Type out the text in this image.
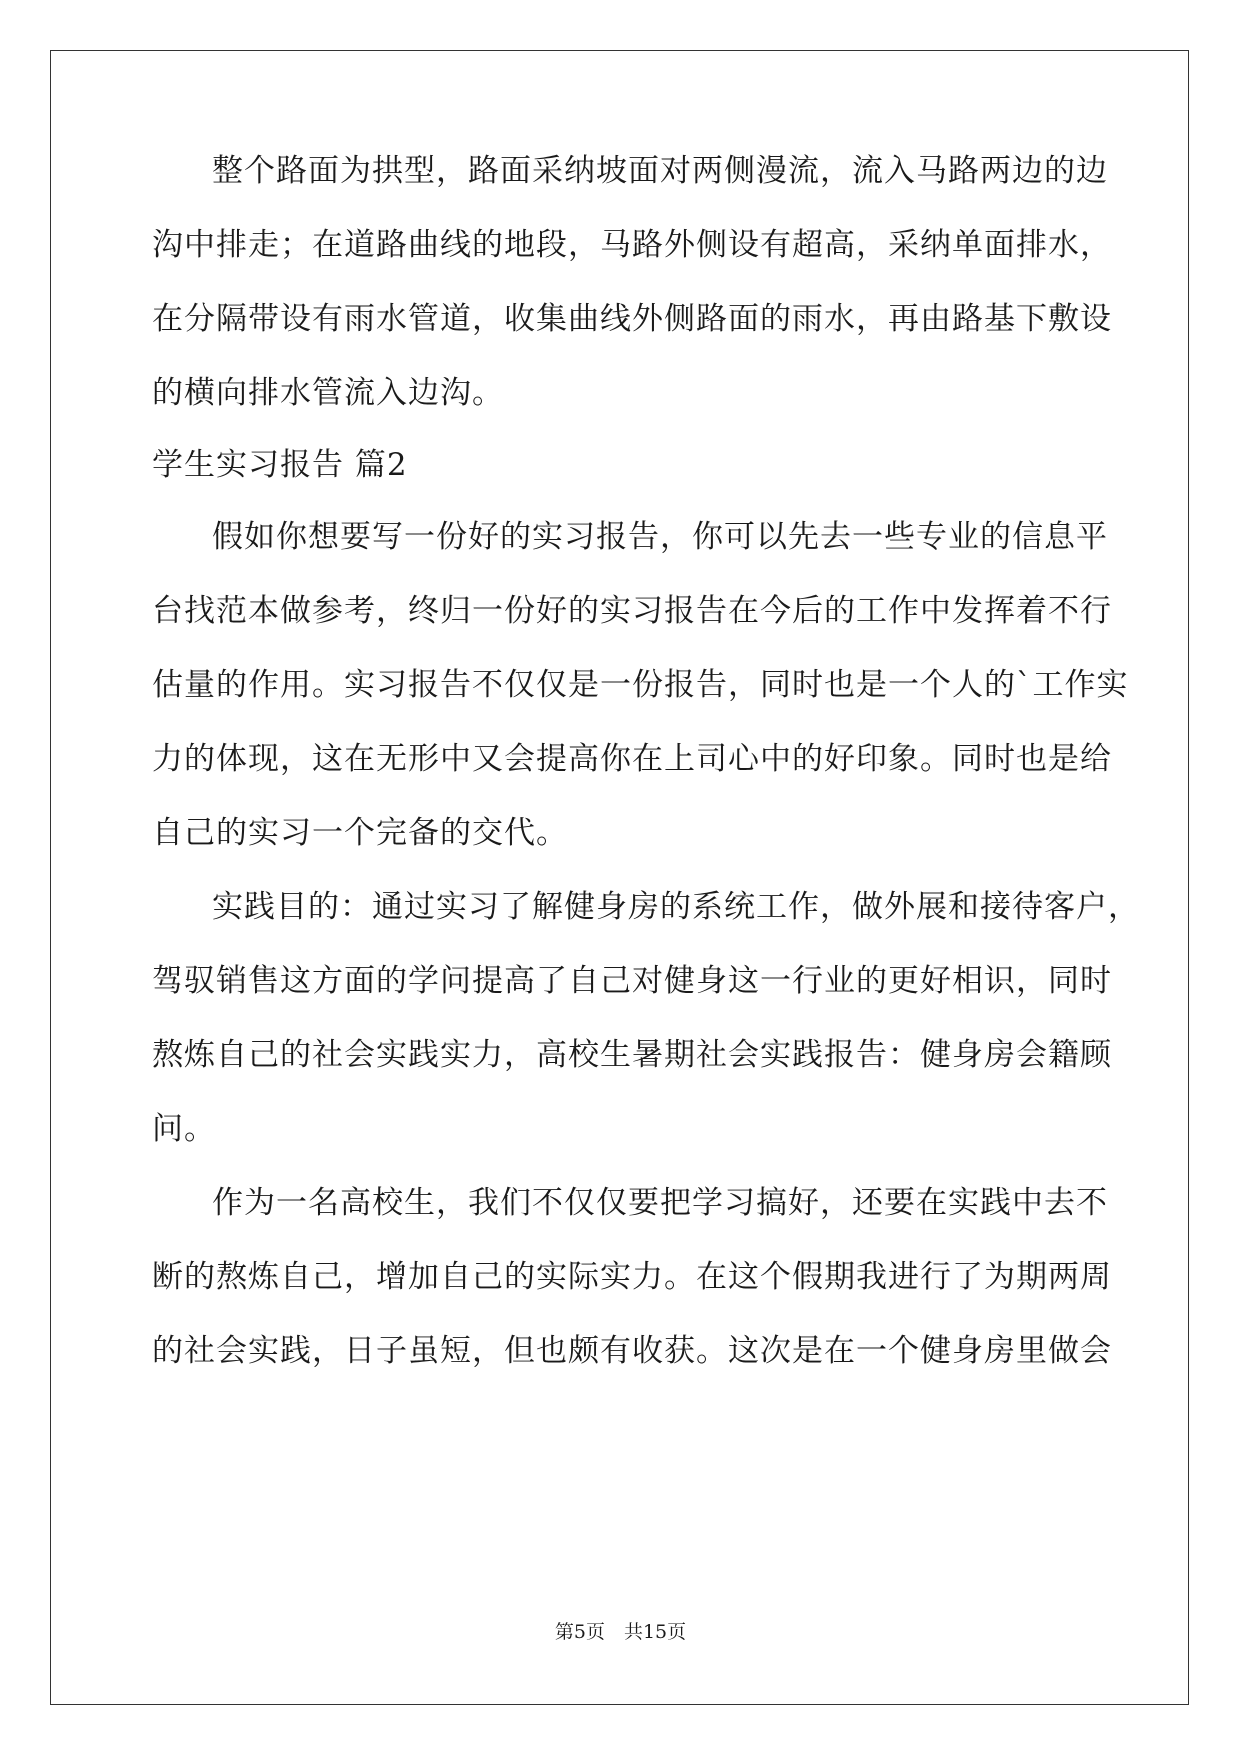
整个路面为拱型，路面采纳坡面对两侧漫流，流入马路两边的边
沟中排走；在道路曲线的地段，马路外侧设有超高，采纳单面排水，
在分隔带设有雨水管道，收集曲线外侧路面的雨水，再由路基下敷设
的横向排水管流入边沟。
学生实习报告 篇2
假如你想要写一份好的实习报告，你可以先去一些专业的信息平
台找范本做参考，终归一份好的实习报告在今后的工作中发挥着不行
估量的作用。实习报告不仅仅是一份报告，同时也是一个人的`工作实
力的体现，这在无形中又会提高你在上司心中的好印象。同时也是给
自己的实习一个完备的交代。
实践目的：通过实习了解健身房的系统工作，做外展和接待客户，
驾驭销售这方面的学问提高了自己对健身这一行业的更好相识，同时
熬炼自己的社会实践实力，高校生暑期社会实践报告：健身房会籍顾
问。
作为一名高校生，我们不仅仅要把学习搞好，还要在实践中去不
断的熬炼自己，增加自己的实际实力。在这个假期我进行了为期两周
的社会实践，日子虽短，但也颇有收获。这次是在一个健身房里做会
第5页　共15页
